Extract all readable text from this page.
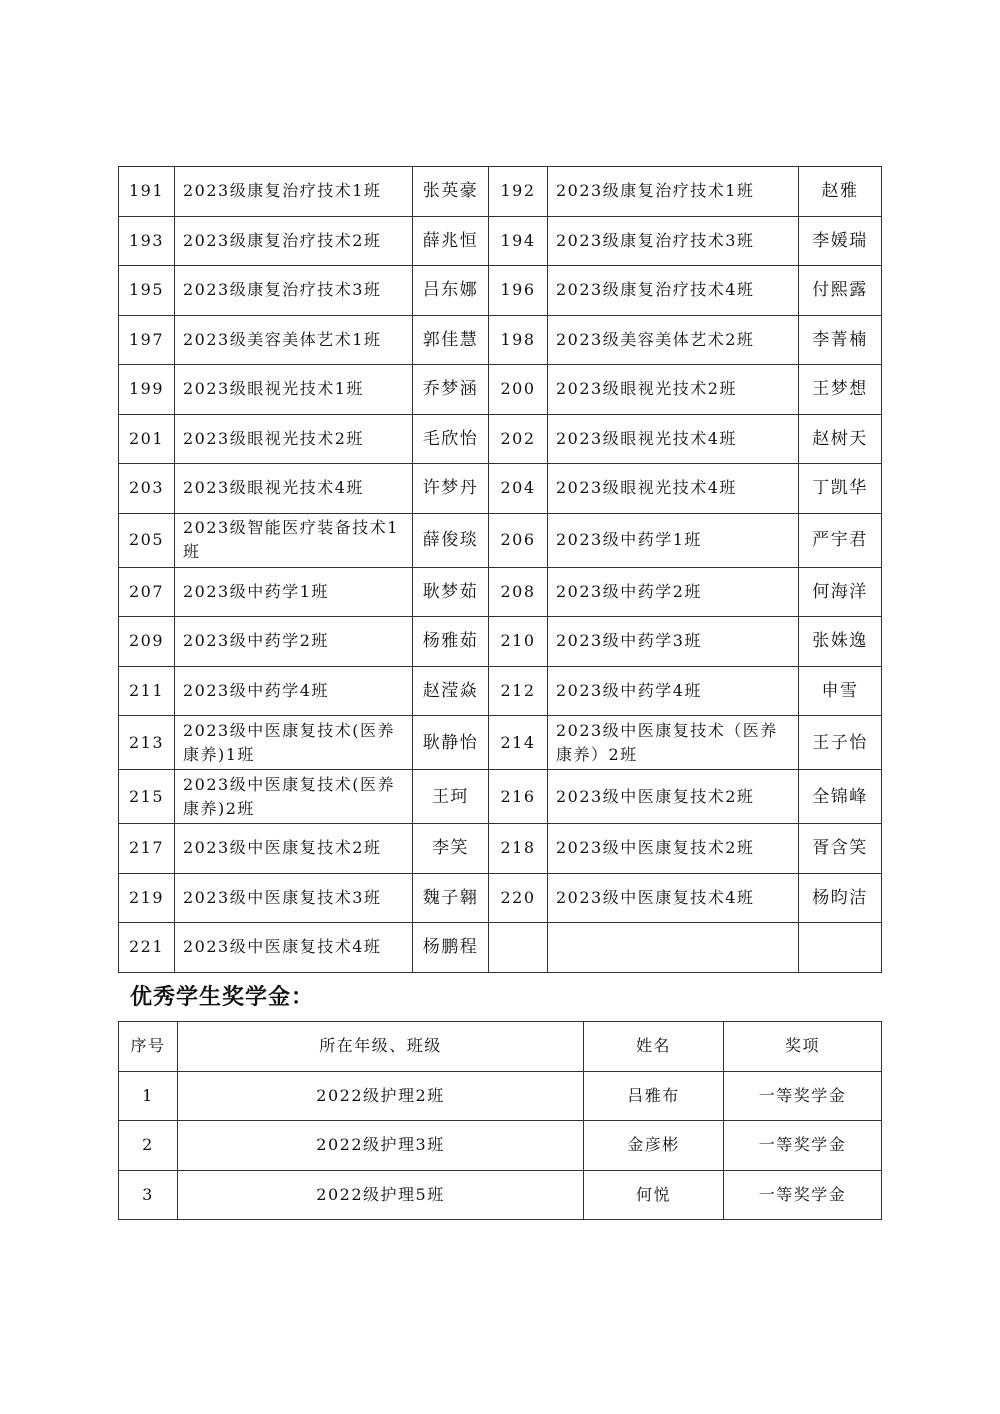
191	2023级康复治疗技术1班	张英豪	192	2023级康复治疗技术1班	赵雅
193	2023级康复治疗技术2班	薛兆恒	194	2023级康复治疗技术3班	李媛瑞
195	2023级康复治疗技术3班	吕东娜	196	2023级康复治疗技术4班	付熙露
197	2023级美容美体艺术1班	郭佳慧	198	2023级美容美体艺术2班	李菁楠
199	2023级眼视光技术1班	乔梦涵	200	2023级眼视光技术2班	王梦想
201	2023级眼视光技术2班	毛欣怡	202	2023级眼视光技术4班	赵树天
203	2023级眼视光技术4班	许梦丹	204	2023级眼视光技术4班	丁凯华
205	2023级智能医疗装备技术1班	薛俊琰	206	2023级中药学1班	严宇君
207	2023级中药学1班	耿梦茹	208	2023级中药学2班	何海洋
209	2023级中药学2班	杨雅茹	210	2023级中药学3班	张姝逸
211	2023级中药学4班	赵滢焱	212	2023级中药学4班	申雪
213	2023级中医康复技术(医养康养)1班	耿静怡	214	2023级中医康复技术（医养康养）2班	王子怡
215	2023级中医康复技术(医养康养)2班	王珂	216	2023级中医康复技术2班	全锦峰
217	2023级中医康复技术2班	李笑	218	2023级中医康复技术2班	胥含笑
219	2023级中医康复技术3班	魏子翱	220	2023级中医康复技术4班	杨昀洁
221	2023级中医康复技术4班	杨鹏程			
优秀学生奖学金：
序号	所在年级、班级	姓名	奖项
1	2022级护理2班	吕雅布	一等奖学金
2	2022级护理3班	金彦彬	一等奖学金
3	2022级护理5班	何悦	一等奖学金
